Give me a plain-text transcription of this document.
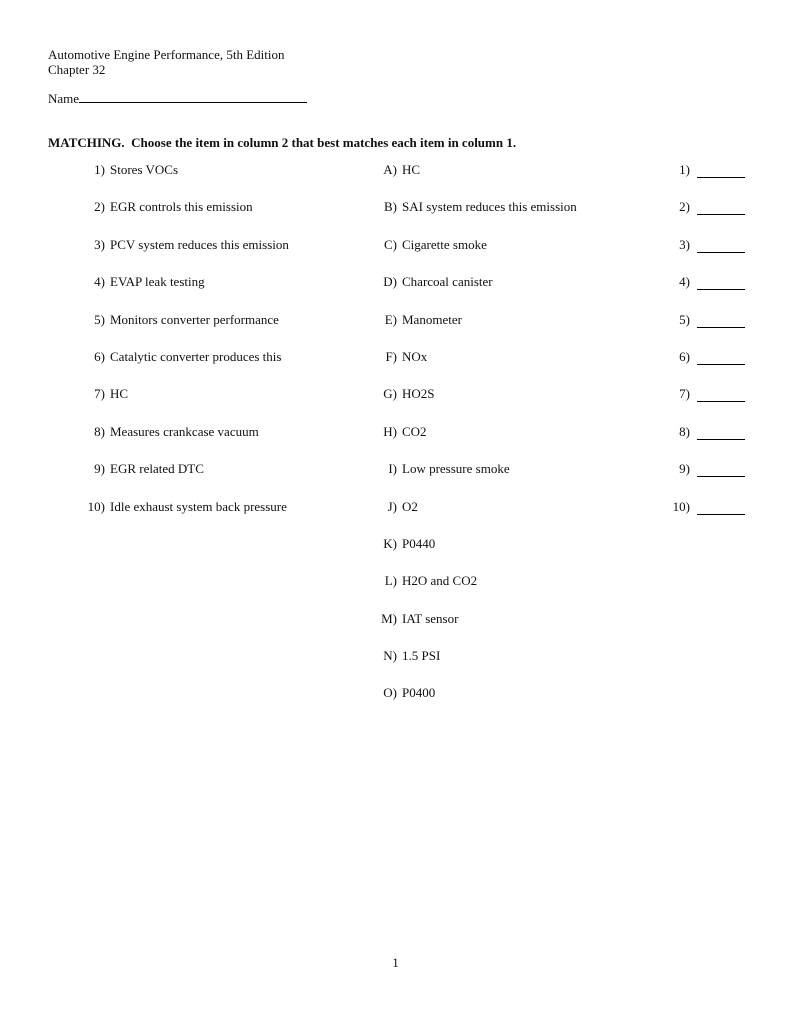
Automotive Engine Performance, 5th Edition
Chapter 32
Name
MATCHING.  Choose the item in column 2 that best matches each item in column 1.
1) Stores VOCs
2) EGR controls this emission
3) PCV system reduces this emission
4) EVAP leak testing
5) Monitors converter performance
6) Catalytic converter produces this
7) HC
8) Measures crankcase vacuum
9) EGR related DTC
10) Idle exhaust system back pressure
A) HC
B) SAI system reduces this emission
C) Cigarette smoke
D) Charcoal canister
E) Manometer
F) NOx
G) HO2S
H) CO2
I) Low pressure smoke
J) O2
K) P0440
L) H2O and CO2
M) IAT sensor
N) 1.5 PSI
O) P0400
1)
2)
3)
4)
5)
6)
7)
8)
9)
10)
1
